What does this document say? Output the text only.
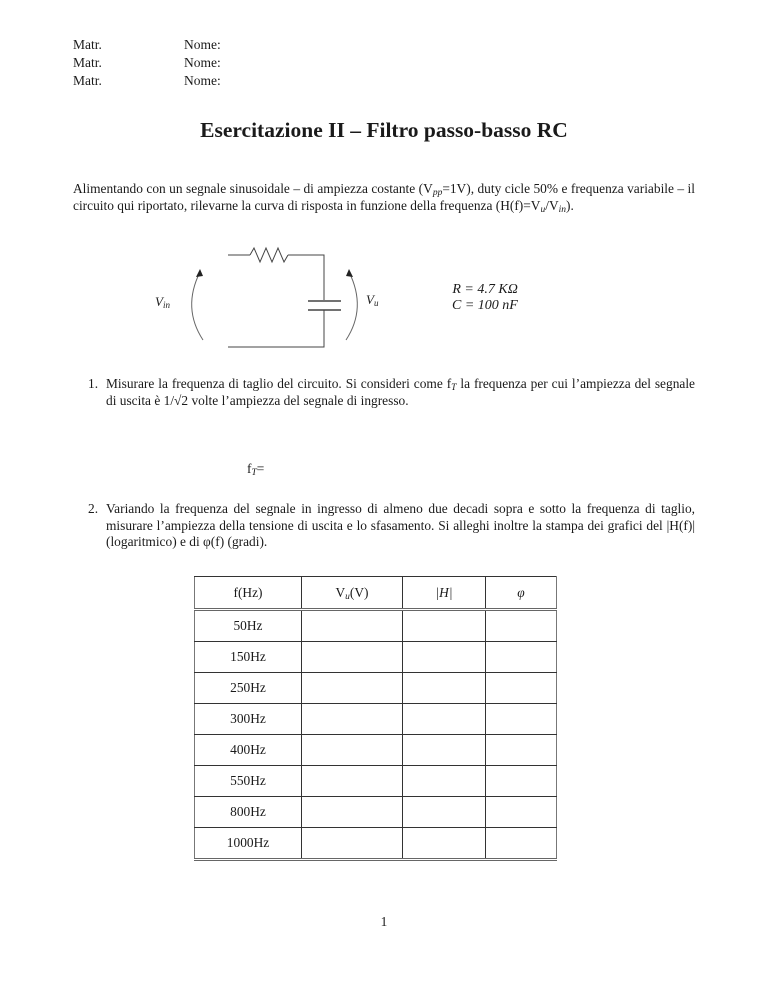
Matr.	Nome:
Matr.	Nome:
Matr.	Nome:
Esercitazione II – Filtro passo-basso RC
Alimentando con un segnale sinusoidale – di ampiezza costante $(V_{pp}=1V)$, duty cicle 50% e frequenza variabile – il circuito qui riportato, rilevarne la curva di risposta in funzione della frequenza $(H(f)=V_u/V_{in})$.
Vin	Vu
R = 4.7 KΩ
C = 100 nF
1. Misurare la frequenza di taglio del circuito. Si consideri come $f_T$ la frequenza per cui l’ampiezza del segnale di uscita è 1/√2 volte l’ampiezza del segnale di ingresso.
$f_T=$
2. Variando la frequenza del segnale in ingresso di almeno due decadi sopra e sotto la frequenza di taglio, misurare l’ampiezza della tensione di uscita e lo sfasamento. Si alleghi inoltre la stampa dei grafici del |H(f)| (logaritmico) e di φ(f) (gradi).
f(Hz)	$V_u(V)$	|H|	φ
50Hz			
150Hz			
250Hz			
300Hz			
400Hz			
550Hz			
800Hz			
1000Hz			
1
